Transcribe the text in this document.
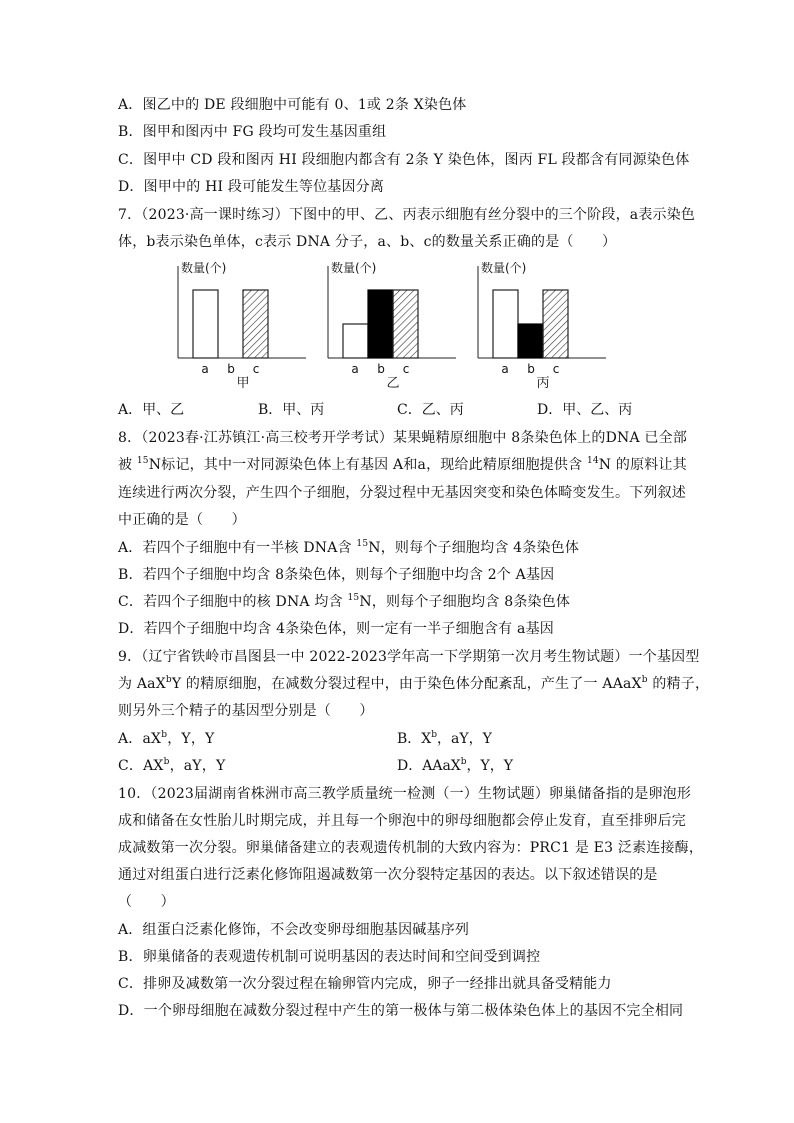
A．图乙中的 DE 段细胞中可能有 0、1或 2条 X染色体
B．图甲和图丙中 FG 段均可发生基因重组
C．图甲中 CD 段和图丙 HI 段细胞内都含有 2条 Y 染色体，图丙 FL 段都含有同源染色体
D．图甲中的 HI 段可能发生等位基因分离
7．（2023·高一课时练习）下图中的甲、乙、丙表示细胞有丝分裂中的三个阶段，a表示染色
体，b表示染色单体，c表示 DNA 分子，a、b、c的数量关系正确的是（　　）
数量(个)
a b c
甲
数量(个)
a b c
乙
数量(个)
a b c
丙
A．甲、乙	B．甲、丙	C．乙、丙	D．甲、乙、丙
8．（2023春·江苏镇江·高三校考开学考试）某果蝇精原细胞中 8条染色体上的DNA 已全部
被 $^{15}$N标记，其中一对同源染色体上有基因 A和a，现给此精原细胞提供含 $^{14}$N 的原料让其
连续进行两次分裂，产生四个子细胞，分裂过程中无基因突变和染色体畸变发生。下列叙述
中正确的是（　　）
A．若四个子细胞中有一半核 DNA含 $^{15}$N，则每个子细胞均含 4条染色体
B．若四个子细胞中均含 8条染色体，则每个子细胞中均含 2个 A基因
C．若四个子细胞中的核 DNA 均含 $^{15}$N，则每个子细胞均含 8条染色体
D．若四个子细胞中均含 4条染色体，则一定有一半子细胞含有 a基因
9．（辽宁省铁岭市昌图县一中 2022-2023学年高一下学期第一次月考生物试题）一个基因型
为 AaX$^b$Y 的精原细胞，在减数分裂过程中，由于染色体分配紊乱，产生了一 AAaX$^b$ 的精子，
则另外三个精子的基因型分别是（　　）
A．$aX^b$，Y，Y	B．$X^b$，aY，Y
C．$AX^b$，aY，Y	D．AAaX$^b$，Y，Y
10．（2023届湖南省株洲市高三教学质量统一检测（一）生物试题）卵巢储备指的是卵泡形
成和储备在女性胎儿时期完成，并且每一个卵泡中的卵母细胞都会停止发育，直至排卵后完
成减数第一次分裂。卵巢储备建立的表观遗传机制的大致内容为：PRC1 是 E3 泛素连接酶，
通过对组蛋白进行泛素化修饰阻遏减数第一次分裂特定基因的表达。以下叙述错误的是
（　　）
A．组蛋白泛素化修饰，不会改变卵母细胞基因碱基序列
B．卵巢储备的表观遗传机制可说明基因的表达时间和空间受到调控
C．排卵及减数第一次分裂过程在输卵管内完成，卵子一经排出就具备受精能力
D．一个卵母细胞在减数分裂过程中产生的第一极体与第二极体染色体上的基因不完全相同
